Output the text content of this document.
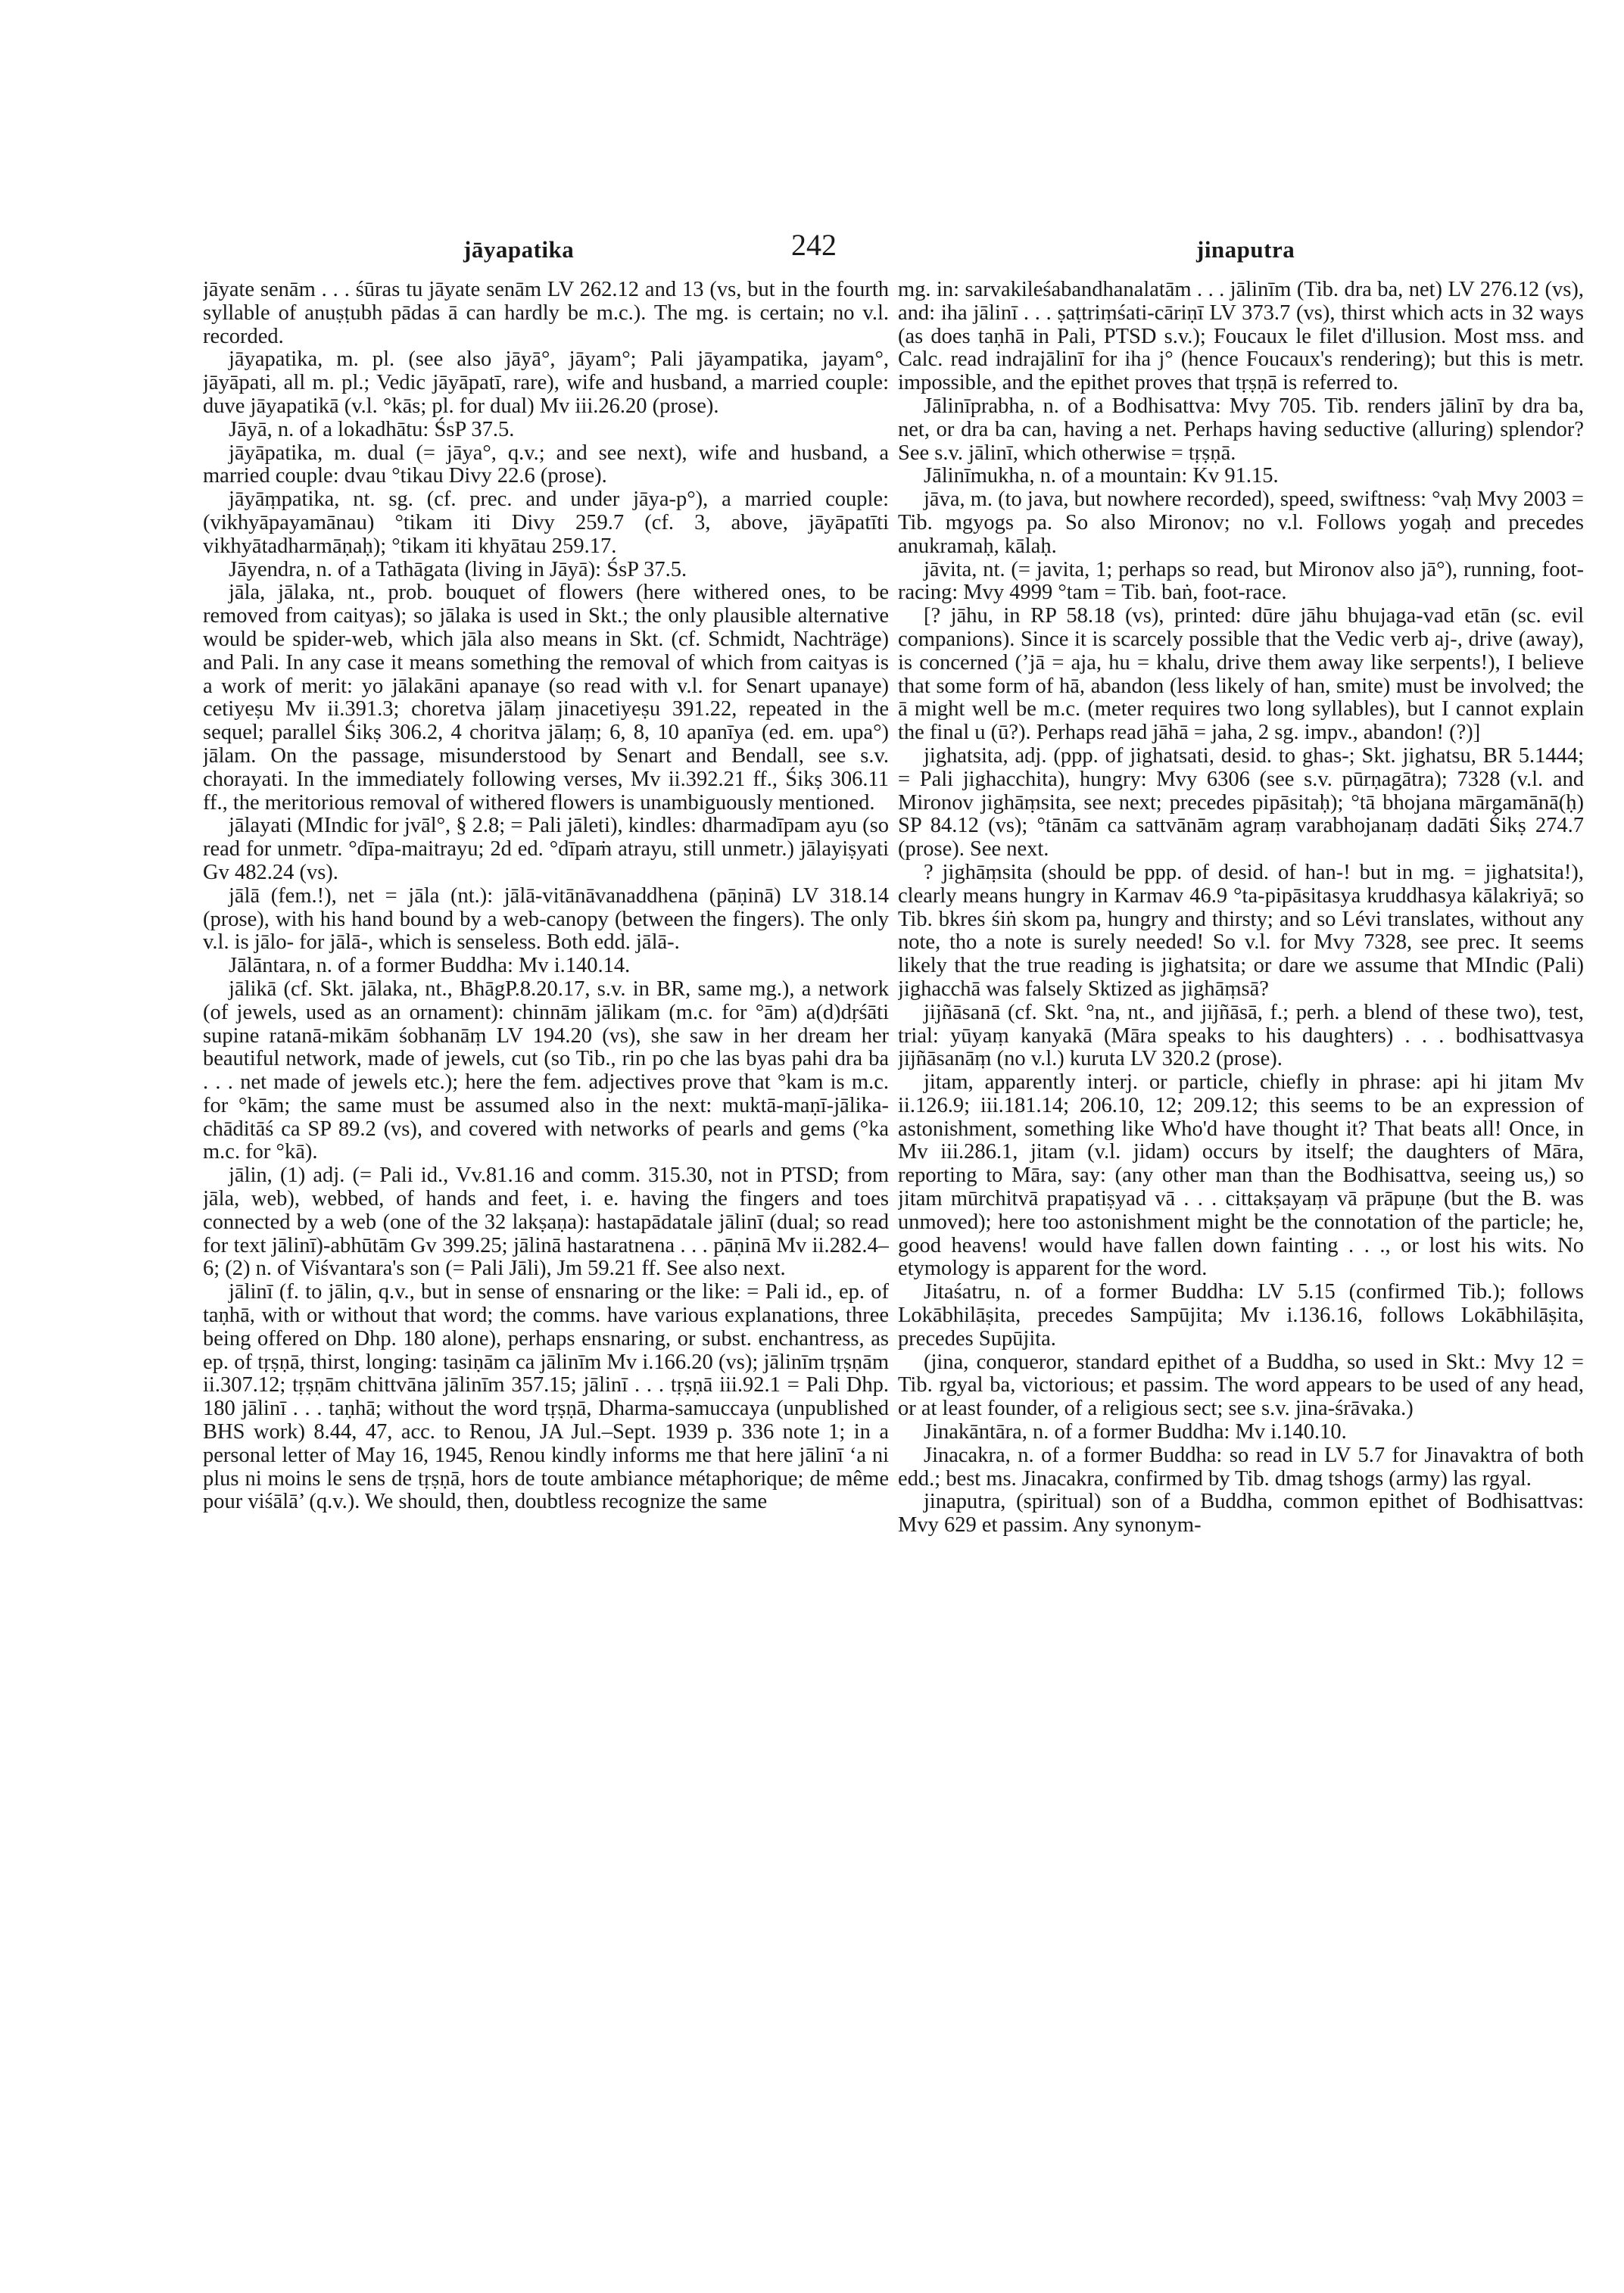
jāyapatika	242	jinaputra

jāyate senām . . . śūras tu jāyate senām LV 262.12 and 13 (vs, but in the fourth syllable of anuṣṭubh pādas ā can hardly be m.c.). The mg. is certain; no v.l. recorded.

jāyapatika, m. pl. (see also jāyā°, jāyam°; Pali jāyampatika, jayam°, jāyāpati, all m. pl.; Vedic jāyāpatī, rare), wife and husband, a married couple: duve jāyapatikā (v.l. °kās; pl. for dual) Mv iii.26.20 (prose).

Jāyā, n. of a lokadhātu: ŚsP 37.5.

jāyāpatika, m. dual (= jāya°, q.v.; and see next), wife and husband, a married couple: dvau °tikau Divy 22.6 (prose).

jāyāṃpatika, nt. sg. (cf. prec. and under jāya-p°), a married couple: (vikhyāpayamānau) °tikam iti Divy 259.7 (cf. 3, above, jāyāpatīti vikhyātadharmāṇaḥ); °tikam iti khyātau 259.17.

Jāyendra, n. of a Tathāgata (living in Jāyā): ŚsP 37.5.

jāla, jālaka, nt., prob. bouquet of flowers (here withered ones, to be removed from caityas); so jālaka is used in Skt.; the only plausible alternative would be spider-web, which jāla also means in Skt. (cf. Schmidt, Nachträge) and Pali. In any case it means something the removal of which from caityas is a work of merit: yo jālakāni apanaye (so read with v.l. for Senart upanaye) cetiyeṣu Mv ii.391.3; choretva jālaṃ jinacetiyeṣu 391.22, repeated in the sequel; parallel Śikṣ 306.2, 4 choritva jālaṃ; 6, 8, 10 apanīya (ed. em. upa°) jālam. On the passage, misunderstood by Senart and Bendall, see s.v. chorayati. In the immediately following verses, Mv ii.392.21 ff., Śikṣ 306.11 ff., the meritorious removal of withered flowers is unambiguously mentioned.

jālayati (MIndic for jvāl°, § 2.8; = Pali jāleti), kindles: dharmadīpam ayu (so read for unmetr. °dīpa-maitrayu; 2d ed. °dīpaṁ atrayu, still unmetr.) jālayiṣyati Gv 482.24 (vs).

jālā (fem.!), net = jāla (nt.): jālā-vitānāvanaddhena (pāṇinā) LV 318.14 (prose), with his hand bound by a web-canopy (between the fingers). The only v.l. is jālo- for jālā-, which is senseless. Both edd. jālā-.

Jālāntara, n. of a former Buddha: Mv i.140.14.

jālikā (cf. Skt. jālaka, nt., BhāgP.8.20.17, s.v. in BR, same mg.), a network (of jewels, used as an ornament): chinnām jālikam (m.c. for °ām) a(d)dṛśāti supine ratanā-mikām śobhanāṃ LV 194.20 (vs), she saw in her dream her beautiful network, made of jewels, cut (so Tib., rin po che las byas pahi dra ba . . . net made of jewels etc.); here the fem. adjectives prove that °kam is m.c. for °kām; the same must be assumed also in the next: muktā-maṇī-jālika-chāditāś ca SP 89.2 (vs), and covered with networks of pearls and gems (°ka m.c. for °kā).

jālin, (1) adj. (= Pali id., Vv.81.16 and comm. 315.30, not in PTSD; from jāla, web), webbed, of hands and feet, i. e. having the fingers and toes connected by a web (one of the 32 lakṣaṇa): hastapādatale jālinī (dual; so read for text jālinī)-abhūtām Gv 399.25; jālinā hastaratnena . . . pāṇinā Mv ii.282.4–6; (2) n. of Viśvantara's son (= Pali Jāli), Jm 59.21 ff. See also next.

jālinī (f. to jālin, q.v., but in sense of ensnaring or the like: = Pali id., ep. of taṇhā, with or without that word; the comms. have various explanations, three being offered on Dhp. 180 alone), perhaps ensnaring, or subst. enchantress, as ep. of tṛṣṇā, thirst, longing: tasiṇām ca jālinīm Mv i.166.20 (vs); jālinīm tṛṣṇām ii.307.12; tṛṣṇām chittvāna jālinīm 357.15; jālinī . . . tṛṣṇā iii.92.1 = Pali Dhp. 180 jālinī . . . taṇhā; without the word tṛṣṇā, Dharma-samuccaya (unpublished BHS work) 8.44, 47, acc. to Renou, JA Jul.–Sept. 1939 p. 336 note 1; in a personal letter of May 16, 1945, Renou kindly informs me that here jālinī ‘a ni plus ni moins le sens de tṛṣṇā, hors de toute ambiance métaphorique; de même pour viśālā’ (q.v.). We should, then, doubtless recognize the same

mg. in: sarvakileśabandhanalatām . . . jālinīm (Tib. dra ba, net) LV 276.12 (vs), and: iha jālinī . . . ṣaṭtriṃśati-cāriṇī LV 373.7 (vs), thirst which acts in 32 ways (as does taṇhā in Pali, PTSD s.v.); Foucaux le filet d'illusion. Most mss. and Calc. read indrajālinī for iha j° (hence Foucaux's rendering); but this is metr. impossible, and the epithet proves that tṛṣṇā is referred to.

Jālinīprabha, n. of a Bodhisattva: Mvy 705. Tib. renders jālinī by dra ba, net, or dra ba can, having a net. Perhaps having seductive (alluring) splendor? See s.v. jālinī, which otherwise = tṛṣṇā.

Jālinīmukha, n. of a mountain: Kv 91.15.

jāva, m. (to java, but nowhere recorded), speed, swiftness: °vaḥ Mvy 2003 = Tib. mgyogs pa. So also Mironov; no v.l. Follows yogaḥ and precedes anukramaḥ, kālaḥ.

jāvita, nt. (= javita, 1; perhaps so read, but Mironov also jā°), running, foot-racing: Mvy 4999 °tam = Tib. baṅ, foot-race.

[? jāhu, in RP 58.18 (vs), printed: dūre jāhu bhujaga-vad etān (sc. evil companions). Since it is scarcely possible that the Vedic verb aj-, drive (away), is concerned (’jā = aja, hu = khalu, drive them away like serpents!), I believe that some form of hā, abandon (less likely of han, smite) must be involved; the ā might well be m.c. (meter requires two long syllables), but I cannot explain the final u (ū?). Perhaps read jāhā = jaha, 2 sg. impv., abandon! (?)]

jighatsita, adj. (ppp. of jighatsati, desid. to ghas-; Skt. jighatsu, BR 5.1444; = Pali jighacchita), hungry: Mvy 6306 (see s.v. pūrṇagātra); 7328 (v.l. and Mironov jighāṃsita, see next; precedes pipāsitaḥ); °tā bhojana mārgamānā(ḥ) SP 84.12 (vs); °tānām ca sattvānām agraṃ varabhojanaṃ dadāti Śikṣ 274.7 (prose). See next.

? jighāṃsita (should be ppp. of desid. of han-! but in mg. = jighatsita!), clearly means hungry in Karmav 46.9 °ta-pipāsitasya kruddhasya kālakriyā; so Tib. bkres śiṅ skom pa, hungry and thirsty; and so Lévi translates, without any note, tho a note is surely needed! So v.l. for Mvy 7328, see prec. It seems likely that the true reading is jighatsita; or dare we assume that MIndic (Pali) jighacchā was falsely Sktized as jighāṃsā?

jijñāsanā (cf. Skt. °na, nt., and jijñāsā, f.; perh. a blend of these two), test, trial: yūyaṃ kanyakā (Māra speaks to his daughters) . . . bodhisattvasya jijñāsanāṃ (no v.l.) kuruta LV 320.2 (prose).

jitam, apparently interj. or particle, chiefly in phrase: api hi jitam Mv ii.126.9; iii.181.14; 206.10, 12; 209.12; this seems to be an expression of astonishment, something like Who'd have thought it? That beats all! Once, in Mv iii.286.1, jitam (v.l. jidam) occurs by itself; the daughters of Māra, reporting to Māra, say: (any other man than the Bodhisattva, seeing us,) so jitam mūrchitvā prapatiṣyad vā . . . cittakṣayaṃ vā prāpuṇe (but the B. was unmoved); here too astonishment might be the connotation of the particle; he, good heavens! would have fallen down fainting . . ., or lost his wits. No etymology is apparent for the word.

Jitaśatru, n. of a former Buddha: LV 5.15 (confirmed Tib.); follows Lokābhilāṣita, precedes Sampūjita; Mv i.136.16, follows Lokābhilāṣita, precedes Supūjita.

(jina, conqueror, standard epithet of a Buddha, so used in Skt.: Mvy 12 = Tib. rgyal ba, victorious; et passim. The word appears to be used of any head, or at least founder, of a religious sect; see s.v. jina-śrāvaka.)

Jinakāntāra, n. of a former Buddha: Mv i.140.10.

Jinacakra, n. of a former Buddha: so read in LV 5.7 for Jinavaktra of both edd.; best ms. Jinacakra, confirmed by Tib. dmag tshogs (army) las rgyal.

jinaputra, (spiritual) son of a Buddha, common epithet of Bodhisattvas: Mvy 629 et passim. Any synonym-
